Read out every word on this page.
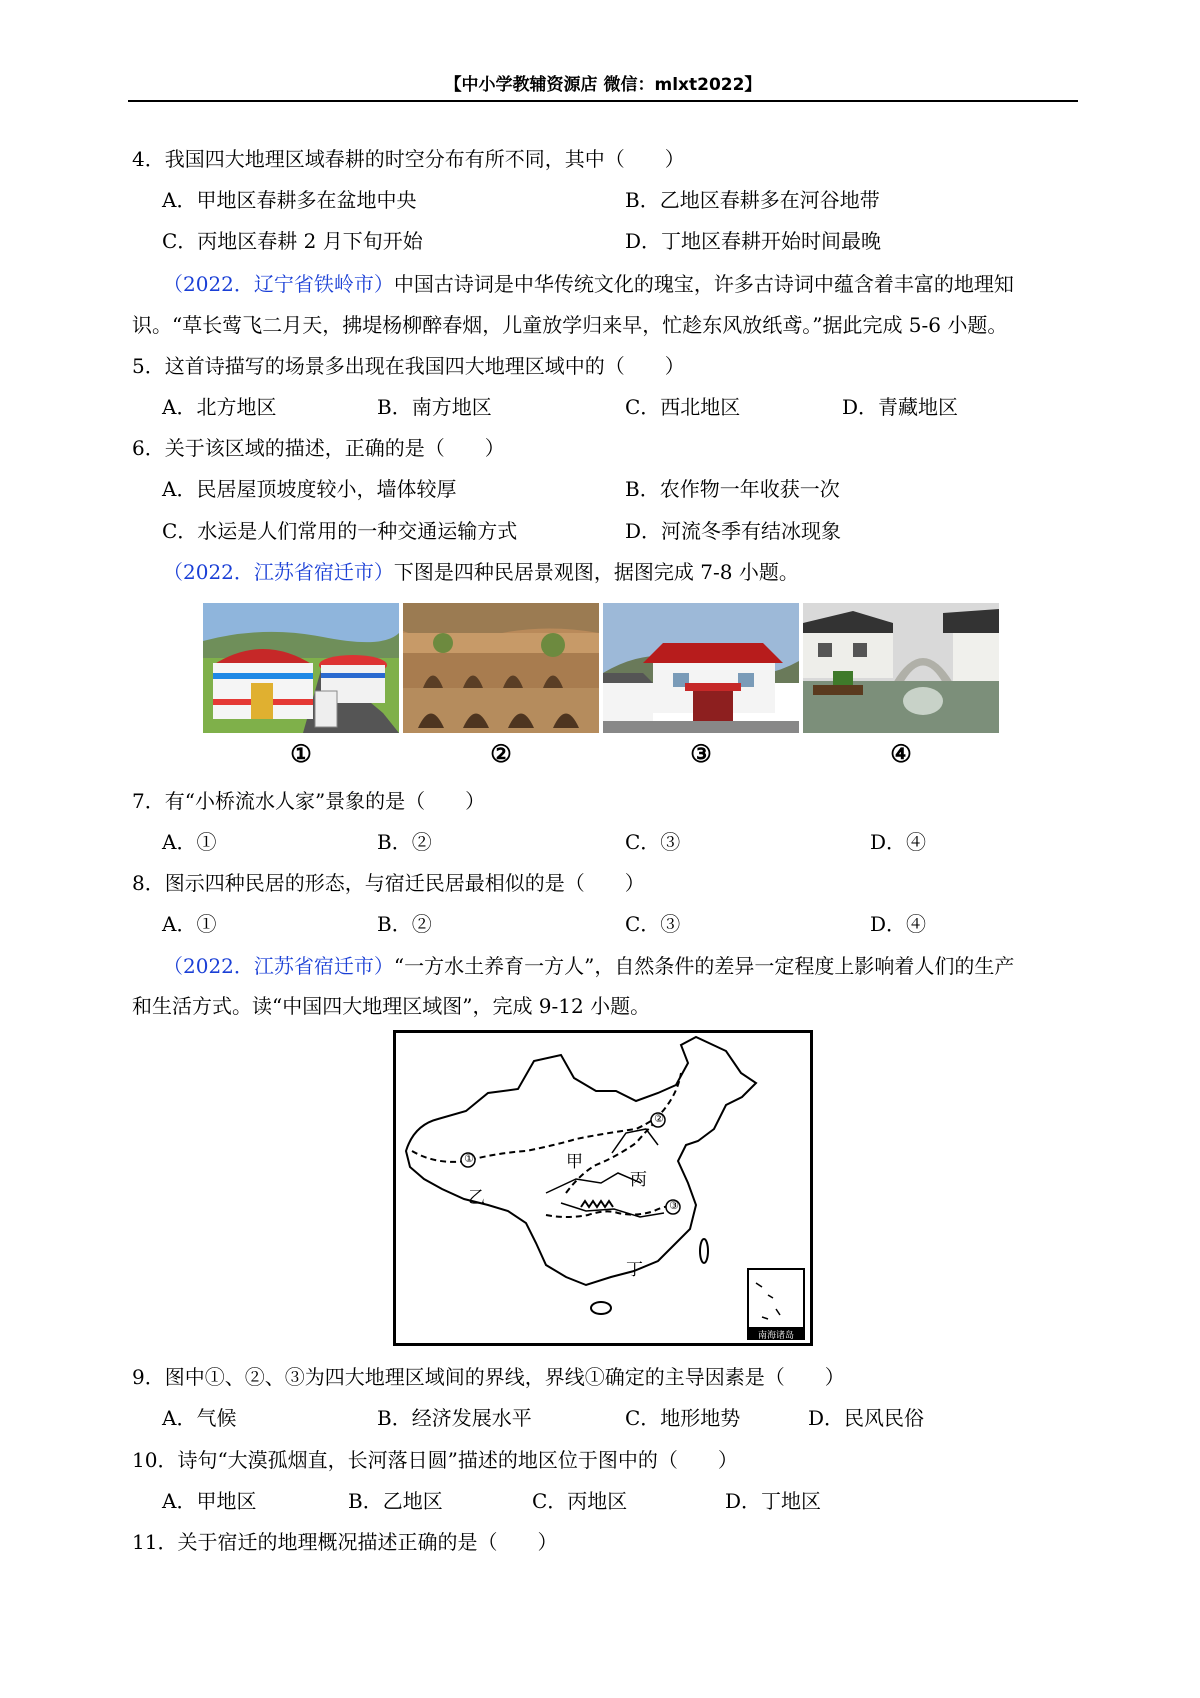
【中小学教辅资源店 微信：mlxt2022】
4．我国四大地理区域春耕的时空分布有所不同，其中（　　）
A．甲地区春耕多在盆地中央	B．乙地区春耕多在河谷地带
C．丙地区春耕 2 月下旬开始	D．丁地区春耕开始时间最晚
（2022．辽宁省铁岭市）中国古诗词是中华传统文化的瑰宝，许多古诗词中蕴含着丰富的地理知
识。“草长莺飞二月天，拂堤杨柳醉春烟，儿童放学归来早，忙趁东风放纸鸢。”据此完成 5-6 小题。
5．这首诗描写的场景多出现在我国四大地理区域中的（　　）
A．北方地区	B．南方地区	C．西北地区	D．青藏地区
6．关于该区域的描述，正确的是（　　）
A．民居屋顶坡度较小，墙体较厚	B．农作物一年收获一次
C．水运是人们常用的一种交通运输方式	D．河流冬季有结冰现象
（2022．江苏省宿迁市）下图是四种民居景观图，据图完成 7-8 小题。
①	②	③	④
7．有“小桥流水人家”景象的是（　　）
A．①	B．②	C．③	D．④
8．图示四种民居的形态，与宿迁民居最相似的是（　　）
A．①	B．②	C．③	D．④
（2022．江苏省宿迁市）“一方水土养育一方人”，自然条件的差异一定程度上影响着人们的生产
和生活方式。读“中国四大地理区域图”，完成 9-12 小题。
甲
乙
丙
丁
①
②
③
南海诸岛
9．图中①、②、③为四大地理区域间的界线，界线①确定的主导因素是（　　）
A．气候	B．经济发展水平	C．地形地势	D．民风民俗
10．诗句“大漠孤烟直，长河落日圆”描述的地区位于图中的（　　）
A．甲地区	B．乙地区	C．丙地区	D．丁地区
11．关于宿迁的地理概况描述正确的是（　　）
